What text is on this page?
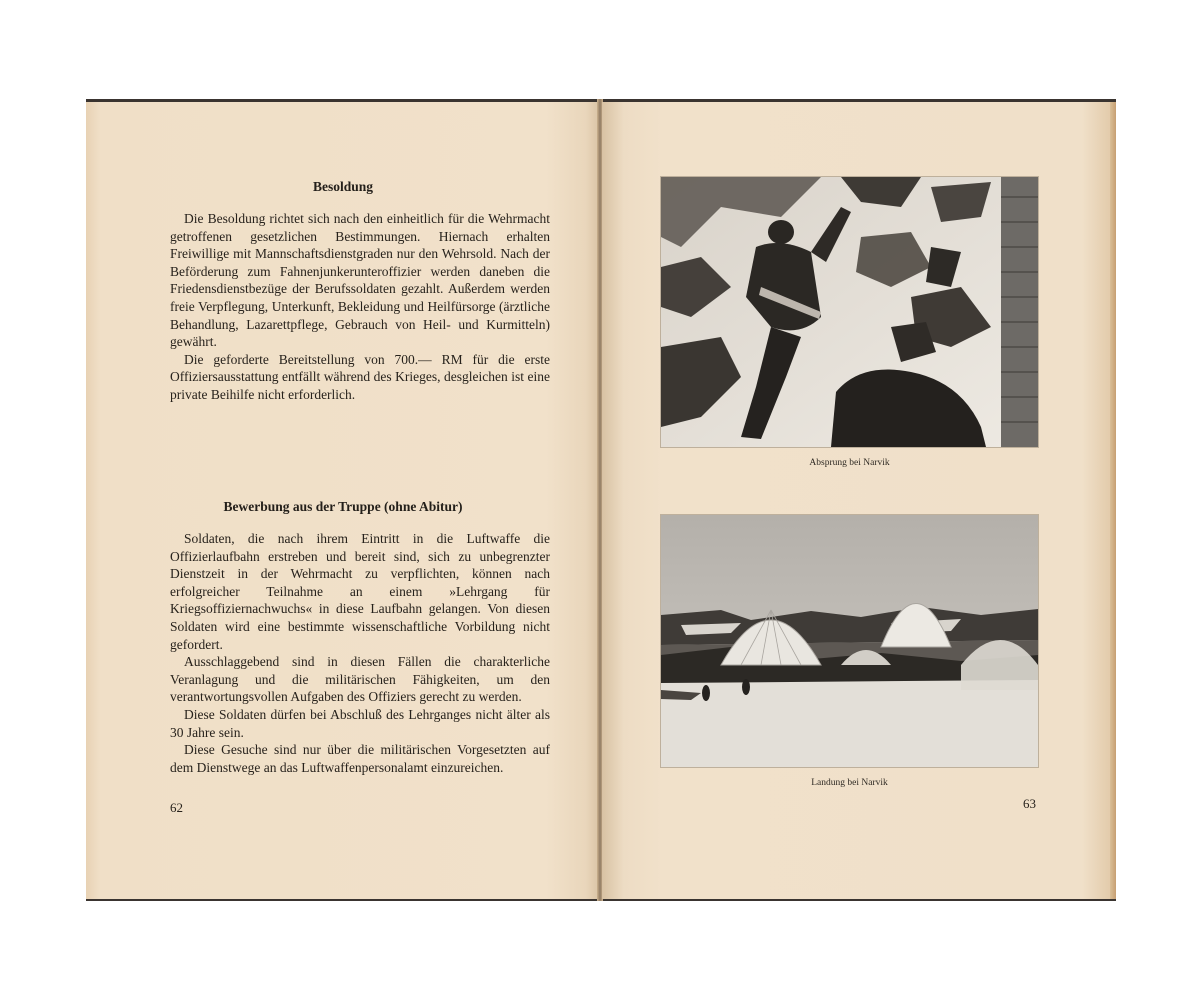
Besoldung

Die Besoldung richtet sich nach den einheitlich für die Wehrmacht getroffenen gesetzlichen Bestimmungen. Hiernach erhalten Freiwillige mit Mannschaftsdienstgraden nur den Wehrsold. Nach der Beförderung zum Fahnenjunkerunteroffizier werden daneben die Friedensdienstbezüge der Berufssoldaten gezahlt. Außerdem werden freie Verpflegung, Unterkunft, Bekleidung und Heilfürsorge (ärztliche Behandlung, Lazarettpflege, Gebrauch von Heil- und Kurmitteln) gewährt.

Die geforderte Bereitstellung von 700.— RM für die erste Offiziersausstattung entfällt während des Krieges, desgleichen ist eine private Beihilfe nicht erforderlich.

Bewerbung aus der Truppe (ohne Abitur)

Soldaten, die nach ihrem Eintritt in die Luftwaffe die Offizierlaufbahn erstreben und bereit sind, sich zu unbegrenzter Dienstzeit in der Wehrmacht zu verpflichten, können nach erfolgreicher Teilnahme an einem »Lehrgang für Kriegsoffiziernachwuchs« in diese Laufbahn gelangen. Von diesen Soldaten wird eine bestimmte wissenschaftliche Vorbildung nicht gefordert.

Ausschlaggebend sind in diesen Fällen die charakterliche Veranlagung und die militärischen Fähigkeiten, um den verantwortungsvollen Aufgaben des Offiziers gerecht zu werden.

Diese Soldaten dürfen bei Abschluß des Lehrganges nicht älter als 30 Jahre sein.

Diese Gesuche sind nur über die militärischen Vorgesetzten auf dem Dienstwege an das Luftwaffenpersonalamt einzureichen.

62
Absprung bei Narvik
Landung bei Narvik
63
